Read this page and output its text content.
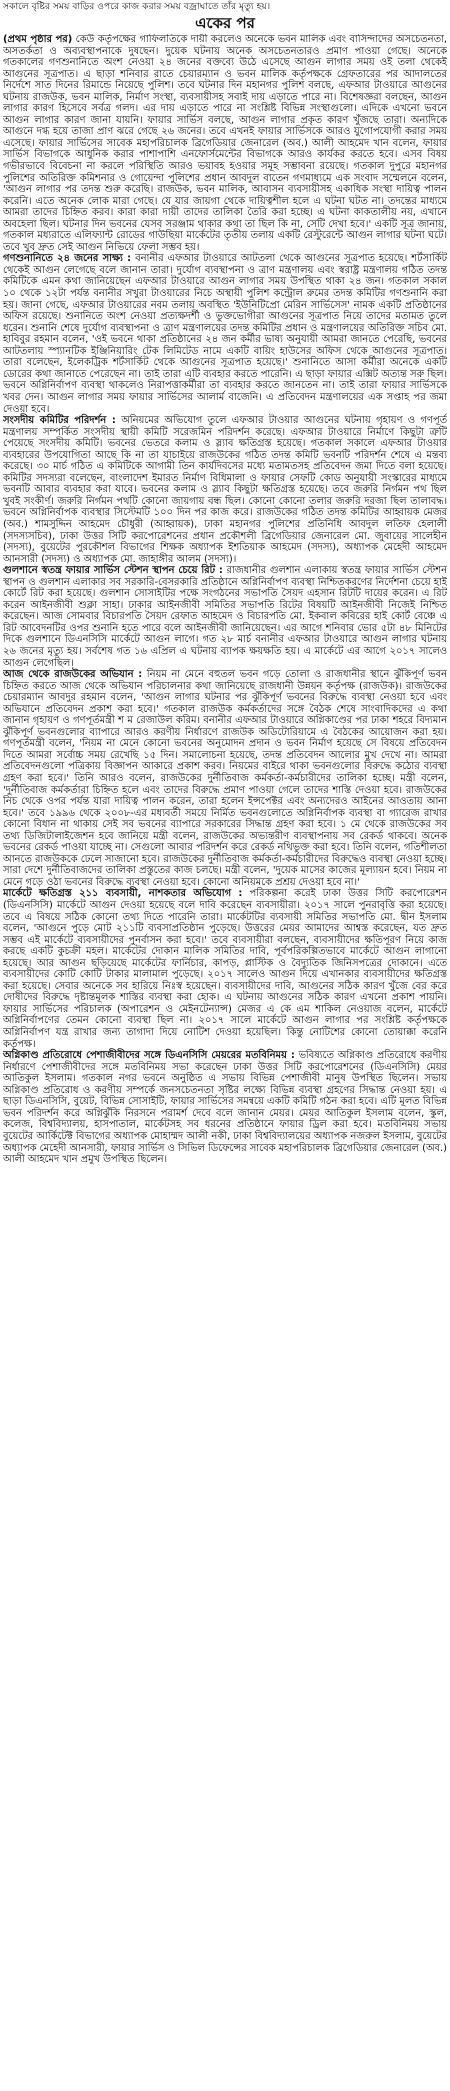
সকালে বৃষ্টির সময় বাড়ির ওপরে কাজ করার সময় বজ্রাঘাতে তাঁর মৃত্যু হয়।
একের পর

(প্রথম পৃষ্ঠার পর) কেউ কর্তৃপক্ষের গাফিলতিকে দায়ী করলেও অনেকে ভবন মালিক এবং বাসিন্দাদের অসচেতনতা, অসতর্কতা ও অব্যবস্থাপনাকে দুষছেন। দুয়েক ঘটনায় অনেক অসচেতনতারও প্রমাণ পাওয়া গেছে। অনেকে গতকালের গণশুনানিতে অংশ নেওয়া ২৪ জনের বক্তব্যে উঠে এসেছে আগুন লাগার সময় ওই তলা থেকেই আগুনের সূত্রপাত। এ ছাড়া শনিবার রাতে চেয়ারম্যান ও ভবন মালিক কর্তৃপক্ষকে গ্রেফতারের পর আদালতের নির্দেশে সাত দিনের রিমান্ডে নিয়েছে পুলিশ। তবে ঘটনার দিন মহানগর পুলিশ বলছে, এফআর টাওয়ারে আগুনের ঘটনায় রাজউক, ভবন মালিক, নির্মাণ সংস্থা, ব্যবসায়ীসহ সবাই দায় এড়াতে পারে না। বিশেষজ্ঞরা বলছেন, আগুন লাগার কারণ হিসেবে সর্বত্র গলদ। এর দায় এড়াতে পারে না সংশ্লিষ্ট বিভিন্ন সংস্থাগুলো। এদিকে এখনো ভবনে আগুন লাগার কারণ জানা যায়নি। ফায়ার সার্ভিস বলছে, আগুন লাগার প্রকৃত কারণ খুঁজছে তারা। অন্যদিকে আগুনে দগ্ধ হয়ে তাজা প্রাণ ঝরে গেছে ২৬ জনের। তবে এখনই ফায়ার সার্ভিসকে আরও যুগোপযোগী করার সময় এসেছে। ফায়ার সার্ভিসের সাবেক মহাপরিচালক ব্রিগেডিয়ার জেনারেল (অব.) আলী আহমেদ খান বলেন, ফায়ার সার্ভিস বিভাগকে আধুনিক করার পাশাপাশি এনফোর্সমেন্টের বিভাগকে আরও কার্যকর করতে হবে। এসব বিষয় গভীরভাবে বিবেচনা না করলে পরিস্থিতি আরও ভয়াবহ হওয়ার সমূহ সম্ভাবনা রয়েছে। গতকাল দুপুরে মহানগর পুলিশের অতিরিক্ত কমিশনার ও গোয়েন্দা পুলিশের প্রধান আবদুল বাতেন গণমাধ্যমে এক সংবাদ সম্মেলনে বলেন, 'আগুন লাগার পর তদন্ত শুরু করেছি। রাজউক, ভবন মালিক, আবাসন ব্যবসায়ীসহ একাধিক সংস্থা দায়িত্ব পালন করেনি। এতে অনেক লোক মারা গেছে। যে যার জায়গা থেকে দায়িত্বশীল হলে এ ঘটনা ঘটত না। তদন্তের মাধ্যমে আমরা তাদের চিহ্নিত করব। কারা কারা দায়ী তাদের তালিকা তৈরি করা হচ্ছে। এ ঘটনা কাকতালীয় নয়, এখানে অবহেলা ছিল। ঘটনার দিন ভবনের যেসব সরঞ্জাম থাকার কথা তা ছিল কি না, সেটি দেখা হবে।' একটি সূত্র জানায়, গতকাল মধ্যরাতে এলিফ্যান্ট রোডের গাউছিয়া মার্কেটের তৃতীয় তলায় একটি রেস্টুরেন্টে আগুন লাগার ঘটনা ঘটে। তবে খুব দ্রুত সেই আগুন নিভিয়ে ফেলা সম্ভব হয়।

গণশুনানিতে ২৪ জনের সাক্ষ্য : বনানীর এফআর টাওয়ারে আটতলা থেকে আগুনের সূত্রপাত হয়েছে। শর্টসার্কিট থেকেই আগুন লেগেছে বলে জানান তারা। দুর্যোগ ব্যবস্থাপনা ও ত্রাণ মন্ত্রণালয় এবং স্বরাষ্ট্র মন্ত্রণালয় গঠিত তদন্ত কমিটিকে এমন কথা জানিয়েছেন এফআর টাওয়ারে আগুন লাগার সময় উপস্থিত থাকা ২৪ জন। গতকাল সকাল ১০ থেকে ১২টা পর্যন্ত বনানীর সখুরা টাওয়ারের নিচে অস্থায়ী পুলিশ কন্ট্রোল রুমের তদন্ত কমিটির গণশুনানি করা হয়। জানা গেছে, এফআর টাওয়ারের নবম তলায় অবস্থিত 'ইউনিটিপ্রো মেরিন সার্ভিসেস' নামক একটি প্রতিষ্ঠানের অফিস রয়েছে। শুনানিতে অংশ নেওয়া প্রত্যক্ষদর্শী ও ভুক্তভোগীরা আগুনের সূত্রপাত নিয়ে তাদের মতামত তুলে ধরেন। শুনানি শেষে দুর্যোগ ব্যবস্থাপনা ও ত্রাণ মন্ত্রণালয়ের তদন্ত কমিটির প্রধান ও মন্ত্রণালয়ের অতিরিক্ত সচিব মো. হাবিবুর রহমান বলেন, 'ওই ভবনে থাকা প্রতিষ্ঠানের ২৪ জন কর্মীর ভাষ্য অনুযায়ী আমরা জানতে পেরেছি, ভবনের আটতলায় স্প্যানটিক ইঞ্জিনিয়ারিং টেক লিমিটেড নামে একটি বায়িং হাউসের অফিস থেকে আগুনের সূত্রপাত। তারা বলেছেন, ইলেকট্রিক শর্টসার্কিট থেকে আগুনের সূত্রপাত হয়েছে।' শুনানিতে আসা কর্মীরা অনেকে একটি ডোরের কথা জানাতে পেরেছেন না। তাই তারা এটি ব্যবহার করতে পারেনি। এ ছাড়া ফায়ার এক্সিট অত্যন্ত সরু ছিল। ভবনে অগ্নিনির্বাপণ ব্যবস্থা থাকলেও নিরাপত্তাকর্মীরা তা ব্যবহার করতে জানতেন না। তাই তারা ফায়ার সার্ভিসকে খবর দেন। আগুন লাগার সময় ফায়ার সার্ভিসের আলার্ম বাজেনি। এ প্রতিবেদন মন্ত্রণালয়ের এক সপ্তাহ পর জমা দেওয়া হবে।

সংসদীয় কমিটির পরিদর্শন : অনিয়মের অভিযোগ তুলে এফআর টাওয়ার আগুনের ঘটনায় গৃহায়ণ ও গণপূর্ত মন্ত্রণালয় সম্পর্কিত সংসদীয় স্থায়ী কমিটি সরেজমিন পরিদর্শন করেছে। এফআর টাওয়ারে নির্মাণে কিছুটা ত্রুটি পেয়েছে সংসদীয় কমিটি। ভবনের ভেতরে কলাম ও স্ল্যাব ক্ষতিগ্রস্ত হয়েছে। গতকাল সকালে এফআর টাওয়ার ব্যবহারের উপযোগিতা আছে কি না তা যাচাইয়ে রাজউকের গঠিত তদন্ত কমিটি ভবনটি পরিদর্শন শেষে এ মন্তব্য করেছে। ৩০ মার্চ গঠিত এ কমিটিকে আগামী তিন কার্যদিবসের মধ্যে মতামতসহ প্রতিবেদন জমা দিতে বলা হয়েছে। কমিটির সদস্যরা বলেছেন, বাংলাদেশ ইমারত নির্মাণ বিধিমালা ও ফায়ার সেফটি কোড অনুযায়ী সংস্কারের মাধ্যমে ভবনটি আবার ব্যবহার করা যাবে। ভবনের কলাম ও স্ল্যাব কিছুটা ক্ষতিগ্রস্ত হয়েছে। তবে জরুরি নির্গমন পথ ছিল খুবই সংকীর্ণ। জরুরি নির্গমন পথটি কোনো জায়গায় বন্ধ ছিল। কোনো কোনো তলার জরুরি দরজা ছিল তালাবদ্ধ। ভবনে অগ্নিনির্বাপক ব্যবস্থার সিস্টেমটি ১০০ দিন পর কাজ করে। রাজউকের গঠিত তদন্ত কমিটির আহ্বায়ক মেজর (অব.) শামসুদ্দিন আহমেদ চৌধুরী (আহ্বায়ক), ঢাকা মহানগর পুলিশের প্রতিনিধি আবদুল লতিফ হেলালী (সদস্যসচিব), ঢাকা উত্তর সিটি করপোরেশনের প্রধান প্রকৌশলী ব্রিগেডিয়ার জেনারেল মো. জুবায়ের সালেহীন (সদস্য), বুয়েটের পুরকৌশল বিভাগের শিক্ষক অধ্যাপক ইশতিয়াক আহমেদ (সদস্য), অধ্যাপক মেহেদী আহমেদ আনসারী (সদস্য) ও অধ্যাপক মো. জাহাঙ্গীর আলম (সদস্য)।

গুলশানে স্বতন্ত্র ফায়ার সার্ভিস স্টেশন স্থাপন চেয়ে রিট : রাজধানীর গুলশান এলাকায় স্বতন্ত্র ফায়ার সার্ভিস স্টেশন স্থাপন ও গুলশান এলাকার সব সরকারি-বেসরকারি প্রতিষ্ঠানে অগ্নিনির্বাপণ ব্যবস্থা নিশ্চিতকরণের নির্দেশনা চেয়ে হাই কোর্টে রিট করা হয়েছে। গুলশান সোসাইটির পক্ষে সংগঠনের সভাপতি সৈয়দ এহসান রিটটি দায়ের করেন। এ রিট করেন আইনজীবী শুক্লা সাহা। ঢাকার আইনজীবী সমিতির সভাপতি রিটের বিষয়টি আইনজীবী নিজেই নিশ্চিত করেছেন। আজ সোমবার বিচারপতি সৈয়দ রেফাত আহমেদ ও বিচারপতি মো. ইকবাল কবিরের হাই কোর্ট বেঞ্চে এ রিট আবেদনটির ওপর শুনানি হতে পারে বলে আইনজীবী জানিয়েছেন। এর আগে শনিবার ভোর ৫টা ৪৮ মিনিটের দিকে গুলশানে ডিএনসিসি মার্কেটে আগুন লাগে। গত ২৮ মার্চ বনানীর এফআর টাওয়ারে আগুন লাগার ঘটনায় ২৬ জনের মৃত্যু হয়। সর্বশেষ গত ১৬ এপ্রিল এ ঘটনায় ব্যাপক ক্ষয়ক্ষতি হয়। এ মার্কেটে এর আগে ২০১৭ সালেও আগুন লেগেছিল।

আজ থেকে রাজউকের অভিযান : নিয়ম না মেনে বহুতল ভবন গড়ে তোলা ও রাজধানীর স্থানে ঝুঁকিপূর্ণ ভবন চিহ্নিত করতে আজ থেকে অভিযান পরিচালনার কথা জানিয়েছে রাজধানী উন্নয়ন কর্তৃপক্ষ (রাজউক)। রাজউকের চেয়ারম্যান আবদুর রহমান বলেন, 'আগুন লাগার ঘটনার পর ঝুঁকিপূর্ণ ভবনের বিরুদ্ধে ব্যবস্থা নেওয়া হবে এবং অভিযানে প্রতিবেদন প্রকাশ করা হবে।' গতকাল রাজউক কর্মকর্তাদের সঙ্গে বৈঠক শেষে সাংবাদিকদের এ কথা জানান গৃহায়ণ ও গণপূর্তমন্ত্রী শ ম রেজাউল করিম। বনানীর এফআর টাওয়ারে অগ্নিকাণ্ডের পর ঢাকা শহরে বিদ্যমান ঝুঁকিপূর্ণ ভবনগুলোর ব্যাপারে আরও করণীয় নির্ধারণে রাজউক অডিটোরিয়ামে এ বৈঠকের আয়োজন করা হয়। গণপূর্তমন্ত্রী বলেন, 'নিয়ম না মেনে কোনো ভবনের অনুমোদন প্রদান ও ভবন নির্মাণ হয়েছে সে বিষয়ে প্রতিবেদন দিতে আমরা সর্বোচ্চ সময় রেখেছি ১৫ দিন। সমালোচনা হয়েছে, তদন্ত প্রতিবেদন আলোর মুখ দেখে না। আমরা প্রতিবেদনগুলো পত্রিকায় বিজ্ঞাপন আকারে প্রকাশ করব। নিয়মের বাইরে থাকা ভবনগুলোর বিরুদ্ধে কঠোর ব্যবস্থা গ্রহণ করা হবে।' তিনি আরও বলেন, রাজউকের দুর্নীতিবাজ কর্মকর্তা-কর্মচারীদের তালিকা হচ্ছে। মন্ত্রী বলেন, 'দুর্নীতিবাজ কর্মকর্তারা চিহ্নিত হলে এবং তাদের বিরুদ্ধে প্রমাণ পাওয়া গেলে তাদের শাস্তি দেওয়া হবে। রাজউকের নিচ থেকে ওপর পর্যন্ত যারা দায়িত্ব পালন করেন, তারা হলেন ইন্সপেক্টর এবং অন্যদেরও আইনের আওতায় আনা হবে।' তবে ১৯৯৬ থেকে ২০০৮-এর মধ্যবর্তী সময়ে নির্মিত ভবনগুলোতে অগ্নিনির্বাপক ব্যবস্থা বা গ্যারেজ রাখার কোনো বিধান না থাকায় সেই সব ভবনের ব্যাপারে সরকারের সিদ্ধান্ত গ্রহণ করা হবে। ১ মে থেকে রাজউকের সব তথ্য ডিজিটালাইজেশন হবে জানিয়ে মন্ত্রী বলেন, রাজউকের অভ্যন্তরীণ ব্যবস্থাপনায় সব রেকর্ড থাকবে। অনেক ভবনের রেকর্ড পাওয়া যাচ্ছে না। সেগুলো আবার পরিদর্শন করে রেকর্ড নথিভুক্ত করা হবে। তিনি বলেন, গতিশীলতা আনতে রাজউককে ঢেলে সাজানো হবে। রাজউকের দুর্নীতিবাজ কর্মকর্তা-কর্মচারীদের বিরুদ্ধেও ব্যবস্থা নেওয়া হচ্ছে। সারা দেশে দুর্নীতিবাজদের তালিকা প্রস্তুতের কাজ চলছে। মন্ত্রী বলেন, 'দুয়েক মাসের কাজের মূল্যায়ন হবে। নিয়ম না মেনে গড়ে ওঠা ভবনের বিরুদ্ধে ব্যবস্থা নেওয়া হবে। কোনো অনিয়মকে প্রশ্রয় দেওয়া হবে না।'

মার্কেটে ক্ষতিগ্রস্ত ২১১ ব্যবসায়ী, নাশকতার অভিযোগ : পরিকল্পনা করেই ঢাকা উত্তর সিটি করপোরেশন (ডিএনসিসি) মার্কেটে আগুন দেওয়া হয়েছে বলে দাবি করেছেন ব্যবসায়ীরা। ২০১৭ সালে পুনরাবৃত্তি করা হয়েছে। তবে এ বিষয়ে সঠিক কোনো তথ্য দিতে পারেনি তারা। মার্কেটটির ব্যবসায়ী সমিতির সভাপতি মো. দ্বীন ইসলাম বলেন, 'আগুনে পুড়ে মোট ২১১টি ব্যবসাপ্রতিষ্ঠান পুড়েছে। উত্তরের মেয়র আমাদের আশ্বস্ত করেছেন, যত দ্রুত সম্ভব এই মার্কেটে ব্যবসায়ীদের পুনর্বাসন করা হবে।' তবে ব্যবসায়ীরা বলছেন, ব্যবসায়ীদের ক্ষতিপূরণ নিয়ে কাজ করছে একটি কুচক্রী মহল। মার্কেটের দোকান মালিক সমিতির দাবি, পূর্বপরিকল্পিতভাবে মার্কেটে আগুন লাগানো হয়েছে। আর আগুন ছড়িয়েছে মার্কেটের ফার্নিচার, কাপড়, প্লাস্টিক ও বৈদ্যুতিক জিনিসপত্রের দোকানে। এতে ব্যবসায়ীদের কোটি কোটি টাকার মালামাল পুড়েছে। ২০১৭ সালেও আগুন দিয়ে এখানকার ব্যবসায়ীদের ক্ষতিগ্রস্ত করা হয়েছে। সেবার অনেকে সব হারিয়ে নিঃস্ব হয়েছেন। ব্যবসায়ীদের দাবি, আগুনের সঠিক কারণ খুঁজে বের করে দোষীদের বিরুদ্ধে দৃষ্টান্তমূলক শাস্তির ব্যবস্থা করা হোক। এ ঘটনায় আগুনের সঠিক কারণ এখনো প্রকাশ পায়নি। ফায়ার সার্ভিসের পরিচালক (অপারেশন ও মেইনটেন্যান্স) মেজর এ কে এম শাকিল নেওয়াজ বলেন, মার্কেটে অগ্নিনির্বাপণের তেমন কোনো ব্যবস্থা ছিল না। ২০১৭ সালে মার্কেটে আগুন লাগার পর সংশ্লিষ্ট কর্তৃপক্ষকে অগ্নিনির্বাপণ যন্ত্র রাখার জন্য তাগাদা দিয়ে নোটিশ দেওয়া হয়েছিল। কিন্তু নোটিশের কোনো তোয়াক্কা করেনি কর্তৃপক্ষ।

অগ্নিকাণ্ড প্রতিরোধে পেশাজীবীদের সঙ্গে ডিএনসিসি মেয়রের মতবিনিময় : ভবিষ্যতে অগ্নিকাণ্ড প্রতিরোধে করণীয় নির্ধারণে পেশাজীবীদের সঙ্গে মতবিনিময় সভা করেছেন ঢাকা উত্তর সিটি করপোরেশনের (ডিএনসিসি) মেয়র আতিকুল ইসলাম। গতকাল নগর ভবনে অনুষ্ঠিত এ সভায় বিভিন্ন পেশাজীবী মানুষ উপস্থিত ছিলেন। সভায় অগ্নিকাণ্ড প্রতিরোধ ও করণীয় সম্পর্কে জনসচেতনতা সৃষ্টির লক্ষ্যে বিভিন্ন ব্যবস্থা গ্রহণের সিদ্ধান্ত নেওয়া হয়। এ ছাড়া ডিএনসিসি, বুয়েট, বিভিন্ন সোসাইটি, ফায়ার সার্ভিসের সমন্বয়ে একটি কমিটি গঠন করা হবে। এটি মূলত বিভিন্ন ভবন পরিদর্শন করে অগ্নিঝুঁকি নিরসনে পরামর্শ দেবে বলে জানান মেয়র। মেয়র আতিকুল ইসলাম বলেন, স্কুল, কলেজ, বিশ্ববিদ্যালয়, হাসপাতাল, মার্কেটসহ সব ধরনের প্রতিষ্ঠানে ফায়ার ড্রিল করা হবে। মতবিনিময় সভায় বুয়েটের আর্কিটেক্ট বিভাগের অধ্যাপক মোহাম্মদ আলী নকী, ঢাকা বিশ্ববিদ্যালয়ের অধ্যাপক নজরুল ইসলাম, বুয়েটের অধ্যাপক মেহেদী আনসারী, ফায়ার সার্ভিস ও সিভিল ডিফেন্সের সাবেক মহাপরিচালক ব্রিগেডিয়ার জেনারেল (অব.) আলী আহমেদ খান প্রমুখ উপস্থিত ছিলেন।
